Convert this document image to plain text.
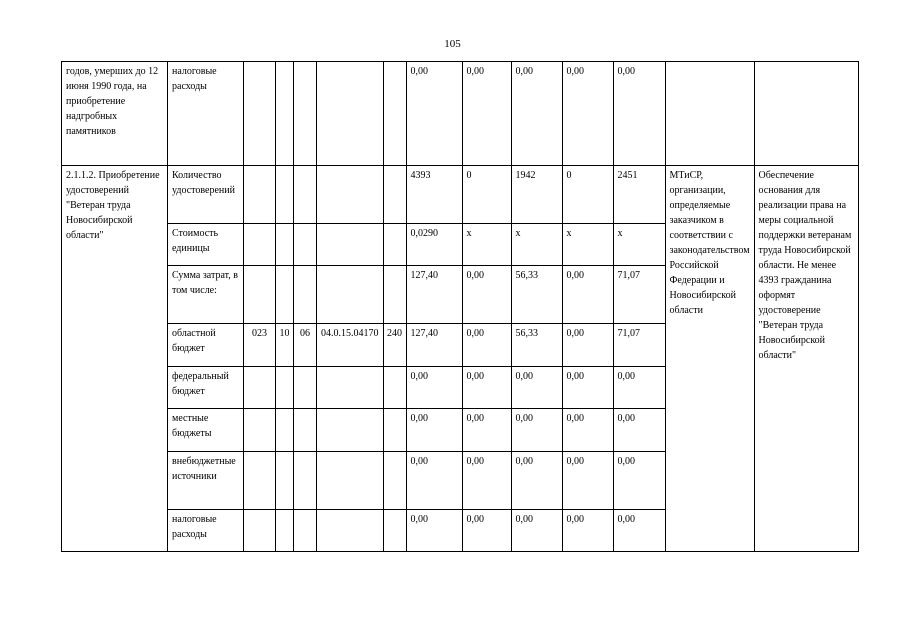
105
годов, умерших до 12 июня 1990 года, на приобретение надгробных памятников	налоговые расходы						0,00	0,00	0,00	0,00	0,00		
2.1.1.2. Приобретение удостоверений "Ветеран труда Новосибирской области"	Количество удостоверений						4393	0	1942	0	2451	МТиСР, организации, определяемые заказчиком в соответствии с законодательством Российской Федерации и Новосибирской области	Обеспечение основания для реализации права на меры социальной поддержки ветеранам труда Новосибирской области. Не менее 4393 гражданина оформят удостоверение "Ветеран труда Новосибирской области"
	Стоимость единицы						0,0290	х	х	х	х		
	Сумма затрат, в том числе:						127,40	0,00	56,33	0,00	71,07		
	областной бюджет	023	10	06	04.0.15.04170	240	127,40	0,00	56,33	0,00	71,07		
	федеральный бюджет						0,00	0,00	0,00	0,00	0,00		
	местные бюджеты						0,00	0,00	0,00	0,00	0,00		
	внебюджетные источники						0,00	0,00	0,00	0,00	0,00		
	налоговые расходы						0,00	0,00	0,00	0,00	0,00		
